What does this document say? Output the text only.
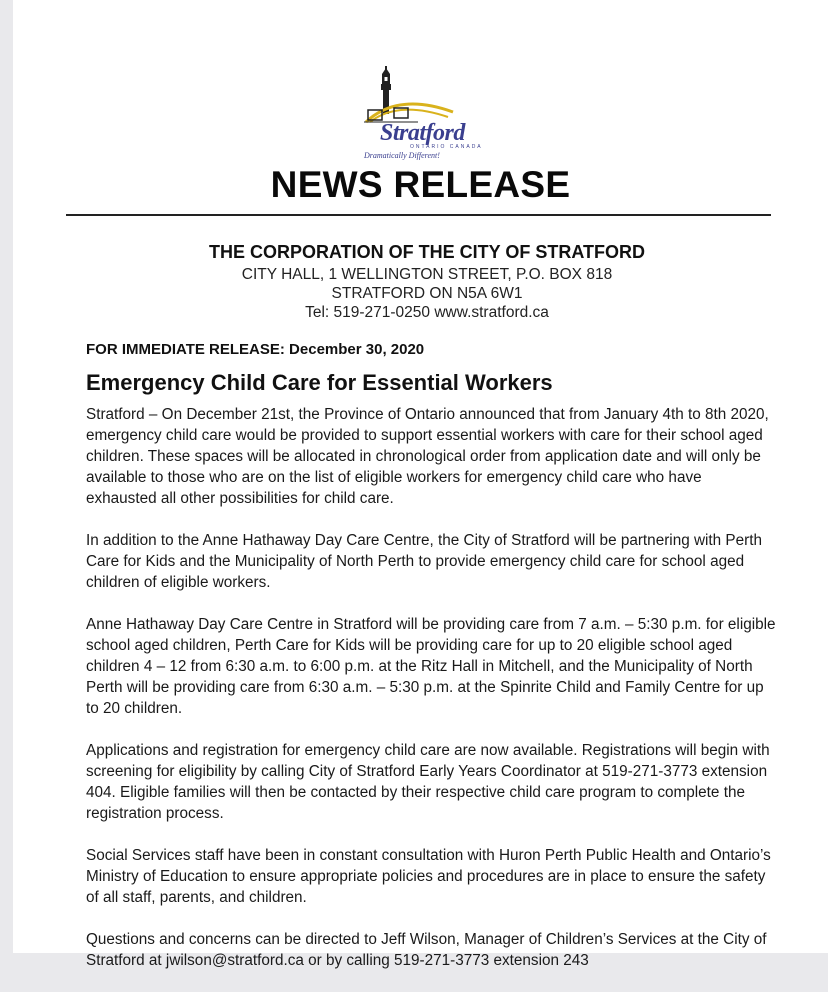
Stratford
ONTARIO CANADA
Dramatically Different!
NEWS RELEASE
THE CORPORATION OF THE CITY OF STRATFORD
CITY HALL, 1 WELLINGTON STREET, P.O. BOX 818
STRATFORD ON N5A 6W1
Tel: 519-271-0250 www.stratford.ca
FOR IMMEDIATE RELEASE: December 30, 2020
Emergency Child Care for Essential Workers

Stratford – On December 21st, the Province of Ontario announced that from January 4th to 8th 2020, emergency child care would be provided to support essential workers with care for their school aged children. These spaces will be allocated in chronological order from application date and will only be available to those who are on the list of eligible workers for emergency child care who have exhausted all other possibilities for child care.

In addition to the Anne Hathaway Day Care Centre, the City of Stratford will be partnering with Perth Care for Kids and the Municipality of North Perth to provide emergency child care for school aged children of eligible workers.

Anne Hathaway Day Care Centre in Stratford will be providing care from 7 a.m. – 5:30 p.m. for eligible school aged children, Perth Care for Kids will be providing care for up to 20 eligible school aged children 4 – 12 from 6:30 a.m. to 6:00 p.m. at the Ritz Hall in Mitchell, and the Municipality of North Perth will be providing care from 6:30 a.m. – 5:30 p.m. at the Spinrite Child and Family Centre for up to 20 children.

Applications and registration for emergency child care are now available. Registrations will begin with screening for eligibility by calling City of Stratford Early Years Coordinator at 519-271-3773 extension 404. Eligible families will then be contacted by their respective child care program to complete the registration process.

Social Services staff have been in constant consultation with Huron Perth Public Health and Ontario’s Ministry of Education to ensure appropriate policies and procedures are in place to ensure the safety of all staff, parents, and children.

Questions and concerns can be directed to Jeff Wilson, Manager of Children’s Services at the City of Stratford at jwilson@stratford.ca or by calling 519-271-3773 extension 243
